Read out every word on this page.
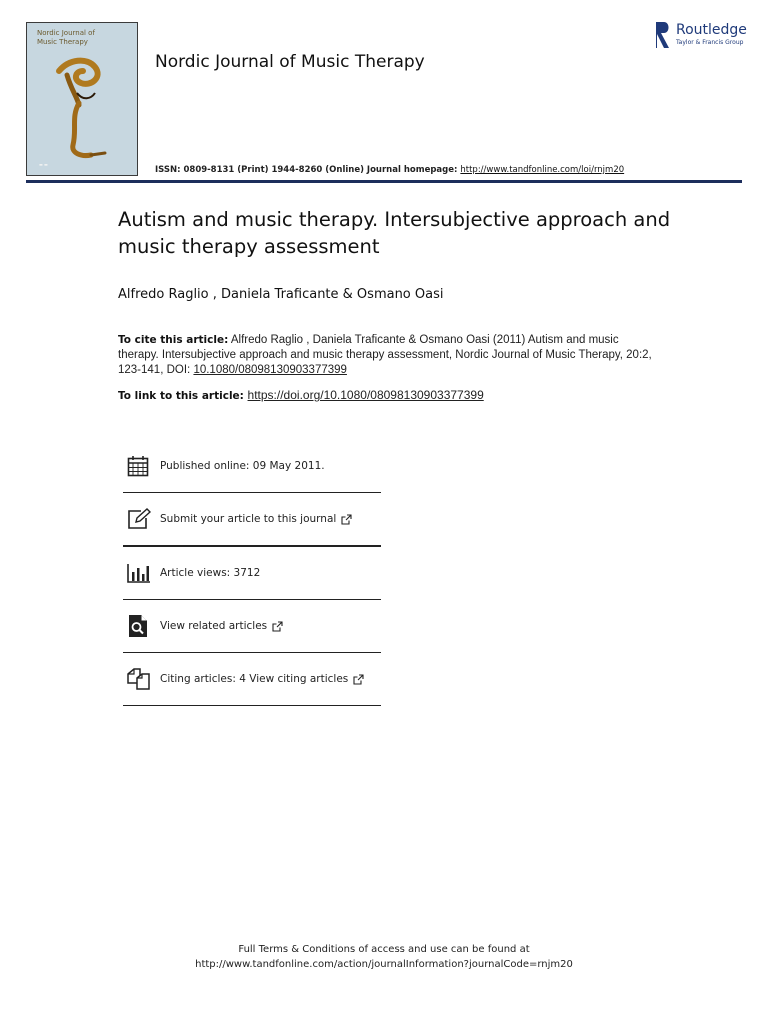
Nordic Journal of
Music Therapy
▬ ▬
Nordic Journal of Music Therapy
ISSN: 0809-8131 (Print) 1944-8260 (Online) Journal homepage: http://www.tandfonline.com/loi/rnjm20
Routledge
Taylor & Francis Group
Autism and music therapy. Intersubjective approach and music therapy assessment
Alfredo Raglio , Daniela Traficante & Osmano Oasi
To cite this article: Alfredo Raglio , Daniela Traficante & Osmano Oasi (2011) Autism and music therapy. Intersubjective approach and music therapy assessment, Nordic Journal of Music Therapy, 20:2, 123-141, DOI: 10.1080/08098130903377399
To link to this article: https://doi.org/10.1080/08098130903377399
Published online: 09 May 2011.
Submit your article to this journal
Article views: 3712
View related articles
Citing articles: 4 View citing articles
Full Terms & Conditions of access and use can be found at
http://www.tandfonline.com/action/journalInformation?journalCode=rnjm20
